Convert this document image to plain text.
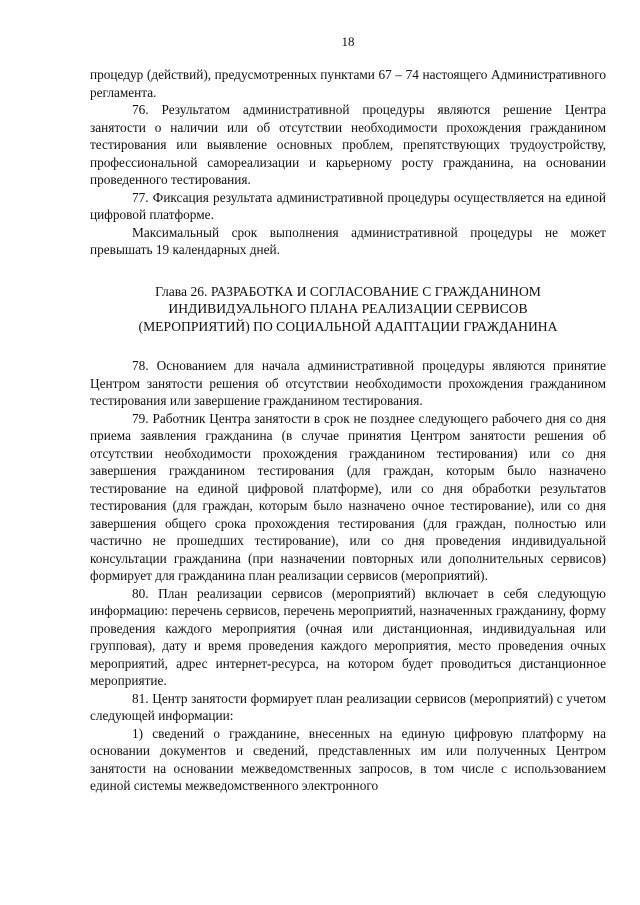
18

процедур (действий), предусмотренных пунктами 67 – 74 настоящего Административного регламента.

76. Результатом административной процедуры являются решение Центра занятости о наличии или об отсутствии необходимости прохождения гражданином тестирования или выявление основных проблем, препятствующих трудоустройству, профессиональной самореализации и карьерному росту гражданина, на основании проведенного тестирования.

77. Фиксация результата административной процедуры осуществляется на единой цифровой платформе.

Максимальный срок выполнения административной процедуры не может превышать 19 календарных дней.

Глава 26. РАЗРАБОТКА И СОГЛАСОВАНИЕ С ГРАЖДАНИНОМ
ИНДИВИДУАЛЬНОГО ПЛАНА РЕАЛИЗАЦИИ СЕРВИСОВ
(МЕРОПРИЯТИЙ) ПО СОЦИАЛЬНОЙ АДАПТАЦИИ ГРАЖДАНИНА

78. Основанием для начала административной процедуры являются принятие Центром занятости решения об отсутствии необходимости прохождения гражданином тестирования или завершение гражданином тестирования.

79. Работник Центра занятости в срок не позднее следующего рабочего дня со дня приема заявления гражданина (в случае принятия Центром занятости решения об отсутствии необходимости прохождения гражданином тестирования) или со дня завершения гражданином тестирования (для граждан, которым было назначено тестирование на единой цифровой платформе), или со дня обработки результатов тестирования (для граждан, которым было назначено очное тестирование), или со дня завершения общего срока прохождения тестирования (для граждан, полностью или частично не прошедших тестирование), или со дня проведения индивидуальной консультации гражданина (при назначении повторных или дополнительных сервисов) формирует для гражданина план реализации сервисов (мероприятий).

80. План реализации сервисов (мероприятий) включает в себя следующую информацию: перечень сервисов, перечень мероприятий, назначенных гражданину, форму проведения каждого мероприятия (очная или дистанционная, индивидуальная или групповая), дату и время проведения каждого мероприятия, место проведения очных мероприятий, адрес интернет-ресурса, на котором будет проводиться дистанционное мероприятие.

81. Центр занятости формирует план реализации сервисов (мероприятий) с учетом следующей информации:

1) сведений о гражданине, внесенных на единую цифровую платформу на основании документов и сведений, представленных им или полученных Центром занятости на основании межведомственных запросов, в том числе с использованием единой системы межведомственного электронного
